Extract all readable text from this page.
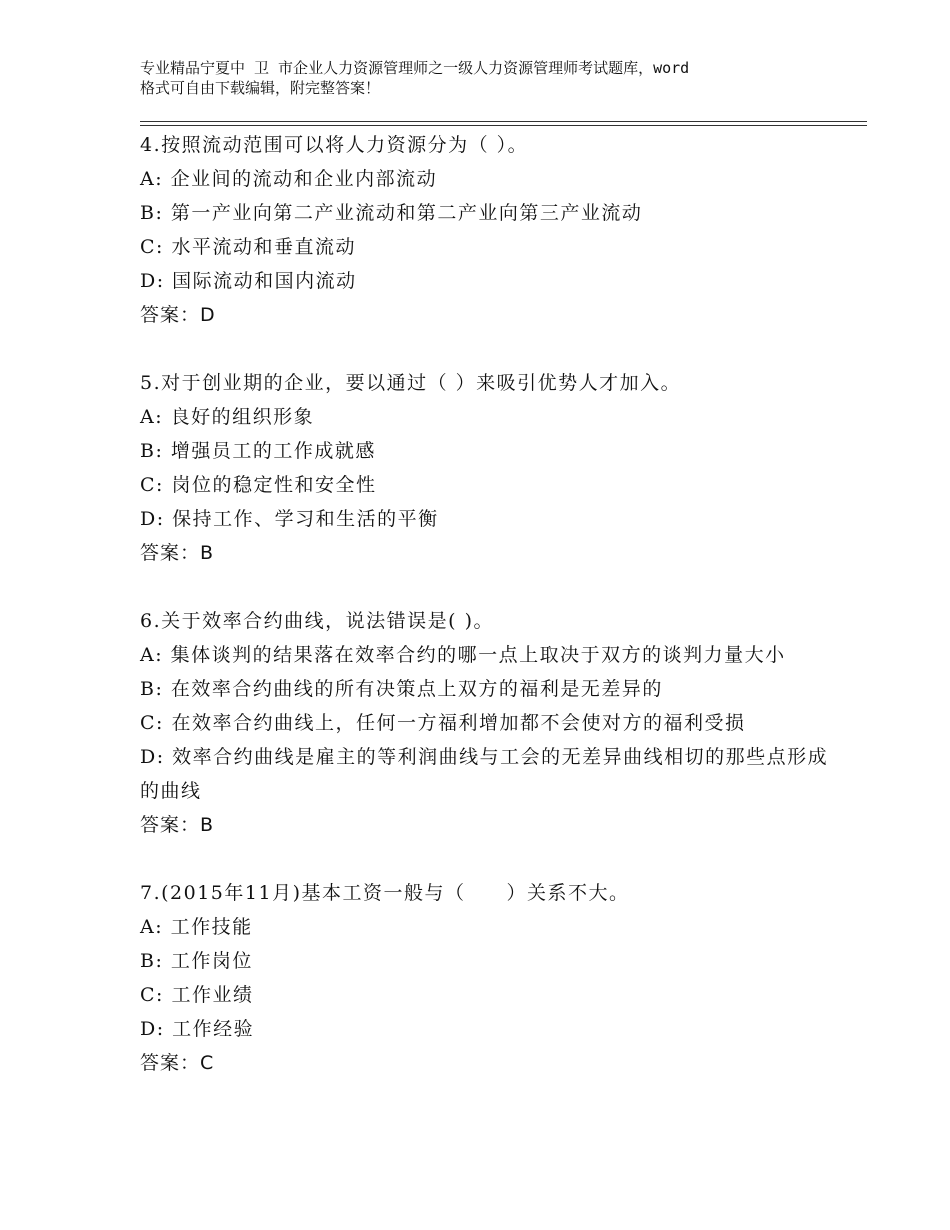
专业精品宁夏中 卫 市企业人力资源管理师之一级人力资源管理师考试题库，word
格式可自由下载编辑，附完整答案！
4.按照流动范围可以将人力资源分为（ ）。
A: 企业间的流动和企业内部流动
B: 第一产业向第二产业流动和第二产业向第三产业流动
C: 水平流动和垂直流动
D: 国际流动和国内流动
答案：D
5.对于创业期的企业，要以通过（ ）来吸引优势人才加入。
A: 良好的组织形象
B: 增强员工的工作成就感
C: 岗位的稳定性和安全性
D: 保持工作、学习和生活的平衡
答案：B
6.关于效率合约曲线，说法错误是( )。
A: 集体谈判的结果落在效率合约的哪一点上取决于双方的谈判力量大小
B: 在效率合约曲线的所有决策点上双方的福利是无差异的
C: 在效率合约曲线上，任何一方福利增加都不会使对方的福利受损
D: 效率合约曲线是雇主的等利润曲线与工会的无差异曲线相切的那些点形成的曲线
答案：B
7.(2015年11月)基本工资一般与（　　）关系不大。
A: 工作技能
B: 工作岗位
C: 工作业绩
D: 工作经验
答案：C
